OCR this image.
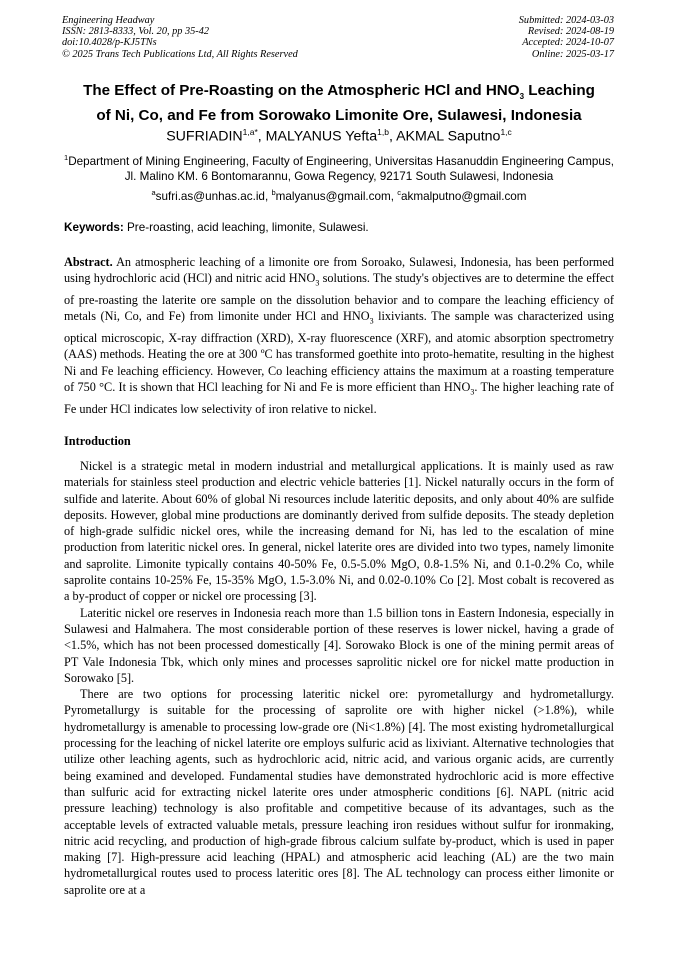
Engineering Headway
ISSN: 2813-8333, Vol. 20, pp 35-42
doi:10.4028/p-KJ5TNs
© 2025 Trans Tech Publications Ltd, All Rights Reserved
Submitted: 2024-03-03
Revised: 2024-08-19
Accepted: 2024-10-07
Online: 2025-03-17
The Effect of Pre-Roasting on the Atmospheric HCl and $HNO_3$ Leaching
of Ni, Co, and Fe from Sorowako Limonite Ore, Sulawesi, Indonesia
$SUFRIADIN^{1,a*}$, MALYANUS Yefta$^{1,b}$, AKMAL Saputno$^{1,c}$
$^1$Department of Mining Engineering, Faculty of Engineering, Universitas Hasanuddin Engineering Campus, Jl. Malino KM. 6 Bontomarannu, Gowa Regency, 92171 South Sulawesi, Indonesia
$^a$sufri.as@unhas.ac.id, $^b$malyanus@gmail.com, $^c$akmalputno@gmail.com
Keywords: Pre-roasting, acid leaching, limonite, Sulawesi.
Abstract. An atmospheric leaching of a limonite ore from Soroako, Sulawesi, Indonesia, has been performed using hydrochloric acid (HCl) and nitric acid $HNO_3$ solutions. The study's objectives are to determine the effect of pre-roasting the laterite ore sample on the dissolution behavior and to compare the leaching efficiency of metals (Ni, Co, and Fe) from limonite under HCl and $HNO_3$ lixiviants. The sample was characterized using optical microscopic, X-ray diffraction (XRD), X-ray fluorescence (XRF), and atomic absorption spectrometry (AAS) methods. Heating the ore at 300 ºC has transformed goethite into proto-hematite, resulting in the highest Ni and Fe leaching efficiency. However, Co leaching efficiency attains the maximum at a roasting temperature of 750 °C. It is shown that HCl leaching for Ni and Fe is more efficient than $HNO_3$. The higher leaching rate of Fe under HCl indicates low selectivity of iron relative to nickel.
Introduction

Nickel is a strategic metal in modern industrial and metallurgical applications. It is mainly used as raw materials for stainless steel production and electric vehicle batteries [1]. Nickel naturally occurs in the form of sulfide and laterite. About 60% of global Ni resources include lateritic deposits, and only about 40% are sulfide deposits. However, global mine productions are dominantly derived from sulfide deposits. The steady depletion of high-grade sulfidic nickel ores, while the increasing demand for Ni, has led to the escalation of mine production from lateritic nickel ores. In general, nickel laterite ores are divided into two types, namely limonite and saprolite. Limonite typically contains 40-50% Fe, 0.5-5.0% MgO, 0.8-1.5% Ni, and 0.1-0.2% Co, while saprolite contains 10-25% Fe, 15-35% MgO, 1.5-3.0% Ni, and 0.02-0.10% Co [2]. Most cobalt is recovered as a by-product of copper or nickel ore processing [3].

Lateritic nickel ore reserves in Indonesia reach more than 1.5 billion tons in Eastern Indonesia, especially in Sulawesi and Halmahera. The most considerable portion of these reserves is lower nickel, having a grade of <1.5%, which has not been processed domestically [4]. Sorowako Block is one of the mining permit areas of PT Vale Indonesia Tbk, which only mines and processes saprolitic nickel ore for nickel matte production in Sorowako [5].

There are two options for processing lateritic nickel ore: pyrometallurgy and hydrometallurgy. Pyrometallurgy is suitable for the processing of saprolite ore with higher nickel (>1.8%), while hydrometallurgy is amenable to processing low-grade ore (Ni<1.8%) [4]. The most existing hydrometallurgical processing for the leaching of nickel laterite ore employs sulfuric acid as lixiviant. Alternative technologies that utilize other leaching agents, such as hydrochloric acid, nitric acid, and various organic acids, are currently being examined and developed. Fundamental studies have demonstrated hydrochloric acid is more effective than sulfuric acid for extracting nickel laterite ores under atmospheric conditions [6]. NAPL (nitric acid pressure leaching) technology is also profitable and competitive because of its advantages, such as the acceptable levels of extracted valuable metals, pressure leaching iron residues without sulfur for ironmaking, nitric acid recycling, and production of high-grade fibrous calcium sulfate by-product, which is used in paper making [7]. High-pressure acid leaching (HPAL) and atmospheric acid leaching (AL) are the two main hydrometallurgical routes used to process lateritic ores [8]. The AL technology can process either limonite or saprolite ore at a
